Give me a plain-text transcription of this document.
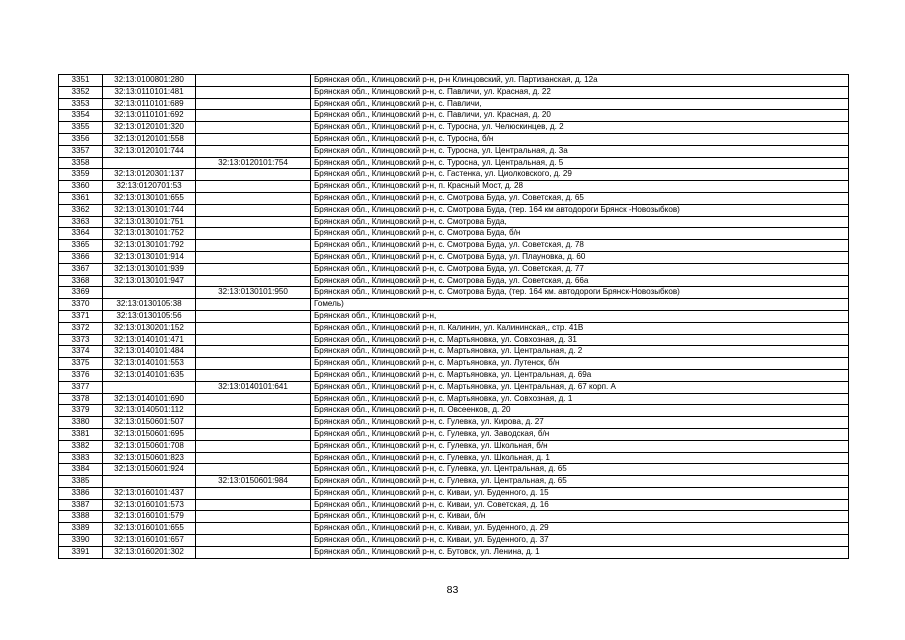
3351	32:13:0100801:280		Брянская обл., Клинцовский р-н, р-н Клинцовский, ул. Партизанская, д. 12а
3352	32:13:0110101:481		Брянская обл., Клинцовский р-н, с. Павличи, ул. Красная, д. 22
3353	32:13:0110101:689		Брянская обл., Клинцовский р-н, с. Павличи,
3354	32:13:0110101:692		Брянская обл., Клинцовский р-н, с. Павличи, ул. Красная, д. 20
3355	32:13:0120101:320		Брянская обл., Клинцовский р-н, с. Туросна, ул. Челюскинцев, д. 2
3356	32:13:0120101:558		Брянская обл., Клинцовский р-н, с. Туросна, б/н
3357	32:13:0120101:744		Брянская обл., Клинцовский р-н, с. Туросна, ул. Центральная, д. 3а
3358		32:13:0120101:754	Брянская обл., Клинцовский р-н, с. Туросна, ул. Центральная, д. 5
3359	32:13:0120301:137		Брянская обл., Клинцовский р-н, с. Гастенка, ул. Циолковского, д. 29
3360	32:13:0120701:53		Брянская обл., Клинцовский р-н, п. Красный Мост, д. 28
3361	32:13:0130101:655		Брянская обл., Клинцовский р-н, с. Смотрова Буда, ул. Советская, д. 65
3362	32:13:0130101:744		Брянская обл., Клинцовский р-н, с. Смотрова Буда, (тер. 164 км автодороги Брянск -Новозыбков)
3363	32:13:0130101:751		Брянская обл., Клинцовский р-н, с. Смотрова Буда,
3364	32:13:0130101:752		Брянская обл., Клинцовский р-н, с. Смотрова Буда, б/н
3365	32:13:0130101:792		Брянская обл., Клинцовский р-н, с. Смотрова Буда, ул. Советская, д. 78
3366	32:13:0130101:914		Брянская обл., Клинцовский р-н, с. Смотрова Буда, ул. Плауновка, д. 60
3367	32:13:0130101:939		Брянская обл., Клинцовский р-н, с. Смотрова Буда, ул. Советская, д. 77
3368	32:13:0130101:947		Брянская обл., Клинцовский р-н, с. Смотрова Буда, ул. Советская, д. 66а
3369		32:13:0130101:950	Брянская обл., Клинцовский р-н, с. Смотрова Буда, (тер. 164 км. автодороги Брянск-Новозыбков)
3370	32:13:0130105:38		Гомель)
3371	32:13:0130105:56		Брянская обл., Клинцовский р-н,
3372	32:13:0130201:152		Брянская обл., Клинцовский р-н, п. Калинин, ул. Калининская,, стр. 41В
3373	32:13:0140101:471		Брянская обл., Клинцовский р-н, с. Мартьяновка, ул. Совхозная, д. 31
3374	32:13:0140101:484		Брянская обл., Клинцовский р-н, с. Мартьяновка, ул. Центральная, д. 2
3375	32:13:0140101:553		Брянская обл., Клинцовский р-н, с. Мартьяновка, ул. Лутенск, б/н
3376	32:13:0140101:635		Брянская обл., Клинцовский р-н, с. Мартьяновка, ул. Центральная, д. 69а
3377		32:13:0140101:641	Брянская обл., Клинцовский р-н, с. Мартьяновка, ул. Центральная, д. 67 корп. А
3378	32:13:0140101:690		Брянская обл., Клинцовский р-н, с. Мартьяновка, ул. Совхозная, д. 1
3379	32:13:0140501:112		Брянская обл., Клинцовский р-н, п. Овсеенков, д. 20
3380	32:13:0150601:507		Брянская обл., Клинцовский р-н, с. Гулевка, ул. Кирова, д. 27
3381	32:13:0150601:695		Брянская обл., Клинцовский р-н, с. Гулевка, ул. Заводская, б/н
3382	32:13:0150601:708		Брянская обл., Клинцовский р-н, с. Гулевка, ул. Школьная, б/н
3383	32:13:0150601:823		Брянская обл., Клинцовский р-н, с. Гулевка, ул. Школьная, д. 1
3384	32:13:0150601:924		Брянская обл., Клинцовский р-н, с. Гулевка, ул. Центральная, д. 65
3385		32:13:0150601:984	Брянская обл., Клинцовский р-н, с. Гулевка, ул. Центральная, д. 65
3386	32:13:0160101:437		Брянская обл., Клинцовский р-н, с. Киваи, ул. Буденного, д. 15
3387	32:13:0160101:573		Брянская обл., Клинцовский р-н, с. Киваи, ул. Советская, д. 16
3388	32:13:0160101:579		Брянская обл., Клинцовский р-н, с. Киваи, б/н
3389	32:13:0160101:655		Брянская обл., Клинцовский р-н, с. Киваи, ул. Буденного, д. 29
3390	32:13:0160101:657		Брянская обл., Клинцовский р-н, с. Киваи, ул. Буденного, д. 37
3391	32:13:0160201:302		Брянская обл., Клинцовский р-н, с. Бутовск, ул. Ленина, д. 1
83
